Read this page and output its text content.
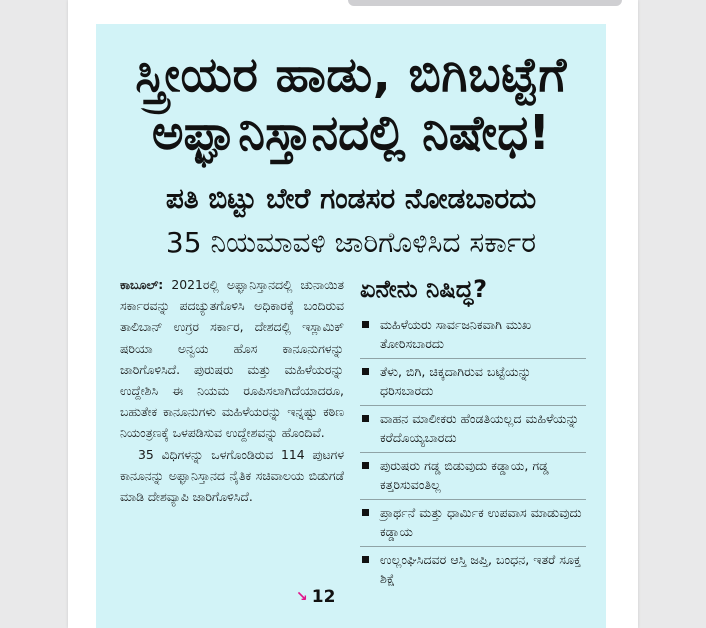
ಸ್ತ್ರೀಯರ ಹಾಡು, ಬಿಗಿಬಟ್ಟೆಗೆ
ಅಫ್ಘಾನಿಸ್ತಾನದಲ್ಲಿ ನಿಷೇಧ!
ಪತಿ ಬಿಟ್ಟು ಬೇರೆ ಗಂಡಸರ ನೋಡಬಾರದು
35 ನಿಯಮಾವಳಿ ಜಾರಿಗೊಳಿಸಿದ ಸರ್ಕಾರ

ಕಾಬೂಲ್: 2021ರಲ್ಲಿ ಅಫ್ಘಾನಿಸ್ತಾನದಲ್ಲಿ ಚುನಾಯಿತ ಸರ್ಕಾರವನ್ನು ಪದಚ್ಯುತಗೊಳಿಸಿ ಅಧಿಕಾರಕ್ಕೆ ಬಂದಿರುವ ತಾಲಿಬಾನ್ ಉಗ್ರರ ಸರ್ಕಾರ, ದೇಶದಲ್ಲಿ ಇಸ್ಲಾಮಿಕ್ ಷರಿಯಾ ಅನ್ವಯ ಹೊಸ ಕಾನೂನುಗಳನ್ನು ಜಾರಿಗೊಳಿಸಿದೆ. ಪುರುಷರು ಮತ್ತು ಮಹಿಳೆಯರನ್ನು ಉದ್ದೇಶಿಸಿ ಈ ನಿಯಮ ರೂಪಿಸಲಾಗಿದೆಯಾದರೂ, ಬಹುತೇಕ ಕಾನೂನುಗಳು ಮಹಿಳೆಯರನ್ನು ಇನ್ನಷ್ಟು ಕಠಿಣ ನಿಯಂತ್ರಣಕ್ಕೆ ಒಳಪಡಿಸುವ ಉದ್ದೇಶವನ್ನು ಹೊಂದಿವೆ.

35 ವಿಧಿಗಳನ್ನು ಒಳಗೊಂಡಿರುವ 114 ಪುಟಗಳ ಕಾನೂನನ್ನು ಅಫ್ಘಾನಿಸ್ತಾನದ ನೈತಿಕ ಸಚಿವಾಲಯ ಬಿಡುಗಡೆ ಮಾಡಿ ದೇಶವ್ಯಾಪಿ ಜಾರಿಗೊಳಿಸಿದೆ.

↘ 12
ಏನೇನು ನಿಷಿದ್ಧ?
ಮಹಿಳೆಯರು ಸಾರ್ವಜನಿಕವಾಗಿ ಮುಖ ತೋರಿಸಬಾರದು
ತೆಳು, ಬಿಗಿ, ಚಿಕ್ಕದಾಗಿರುವ ಬಟ್ಟೆಯನ್ನು ಧರಿಸಬಾರದು
ವಾಹನ ಮಾಲೀಕರು ಹೆಂಡತಿಯಲ್ಲದ ಮಹಿಳೆಯನ್ನು ಕರೆದೊಯ್ಯಬಾರದು
ಪುರುಷರು ಗಡ್ಡ ಬಿಡುವುದು ಕಡ್ಡಾಯ, ಗಡ್ಡ ಕತ್ತರಿಸುವಂತಿಲ್ಲ
ಪ್ರಾರ್ಥನೆ ಮತ್ತು ಧಾರ್ಮಿಕ ಉಪವಾಸ ಮಾಡುವುದು ಕಡ್ಡಾಯ
ಉಲ್ಲಂಘಿಸಿದವರ ಆಸ್ತಿ ಜಪ್ತಿ, ಬಂಧನ, ಇತರೆ ಸೂಕ್ತ ಶಿಕ್ಷೆ
